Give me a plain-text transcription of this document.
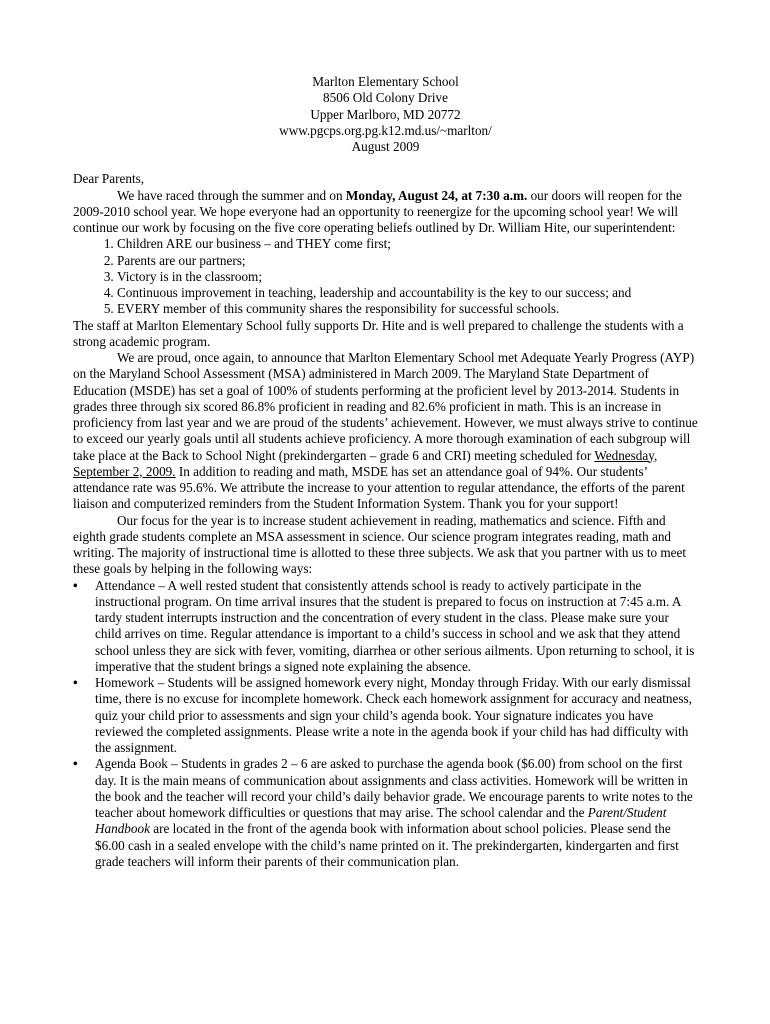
Marlton Elementary School
8506 Old Colony Drive
Upper Marlboro, MD 20772
www.pgcps.org.pg.k12.md.us/~marlton/
August 2009

Dear Parents,

We have raced through the summer and on Monday, August 24, at 7:30 a.m. our doors will reopen for the 2009-2010 school year. We hope everyone had an opportunity to reenergize for the upcoming school year! We will continue our work by focusing on the five core operating beliefs outlined by Dr. William Hite, our superintendent:

1. Children ARE our business – and THEY come first;
2. Parents are our partners;
3. Victory is in the classroom;
4. Continuous improvement in teaching, leadership and accountability is the key to our success; and
5. EVERY member of this community shares the responsibility for successful schools.

The staff at Marlton Elementary School fully supports Dr. Hite and is well prepared to challenge the students with a strong academic program.

We are proud, once again, to announce that Marlton Elementary School met Adequate Yearly Progress (AYP) on the Maryland School Assessment (MSA) administered in March 2009. The Maryland State Department of Education (MSDE) has set a goal of 100% of students performing at the proficient level by 2013-2014. Students in grades three through six scored 86.8% proficient in reading and 82.6% proficient in math. This is an increase in proficiency from last year and we are proud of the students’ achievement. However, we must always strive to continue to exceed our yearly goals until all students achieve proficiency. A more thorough examination of each subgroup will take place at the Back to School Night (prekindergarten – grade 6 and CRI) meeting scheduled for Wednesday, September 2, 2009. In addition to reading and math, MSDE has set an attendance goal of 94%. Our students’ attendance rate was 95.6%. We attribute the increase to your attention to regular attendance, the efforts of the parent liaison and computerized reminders from the Student Information System. Thank you for your support!

Our focus for the year is to increase student achievement in reading, mathematics and science. Fifth and eighth grade students complete an MSA assessment in science. Our science program integrates reading, math and writing. The majority of instructional time is allotted to these three subjects. We ask that you partner with us to meet these goals by helping in the following ways:

• Attendance – A well rested student that consistently attends school is ready to actively participate in the instructional program. On time arrival insures that the student is prepared to focus on instruction at 7:45 a.m. A tardy student interrupts instruction and the concentration of every student in the class. Please make sure your child arrives on time. Regular attendance is important to a child’s success in school and we ask that they attend school unless they are sick with fever, vomiting, diarrhea or other serious ailments. Upon returning to school, it is imperative that the student brings a signed note explaining the absence.
• Homework – Students will be assigned homework every night, Monday through Friday. With our early dismissal time, there is no excuse for incomplete homework. Check each homework assignment for accuracy and neatness, quiz your child prior to assessments and sign your child’s agenda book. Your signature indicates you have reviewed the completed assignments. Please write a note in the agenda book if your child has had difficulty with the assignment.
• Agenda Book – Students in grades 2 – 6 are asked to purchase the agenda book ($6.00) from school on the first day. It is the main means of communication about assignments and class activities. Homework will be written in the book and the teacher will record your child’s daily behavior grade. We encourage parents to write notes to the teacher about homework difficulties or questions that may arise. The school calendar and the Parent/Student Handbook are located in the front of the agenda book with information about school policies. Please send the $6.00 cash in a sealed envelope with the child’s name printed on it. The prekindergarten, kindergarten and first grade teachers will inform their parents of their communication plan.
